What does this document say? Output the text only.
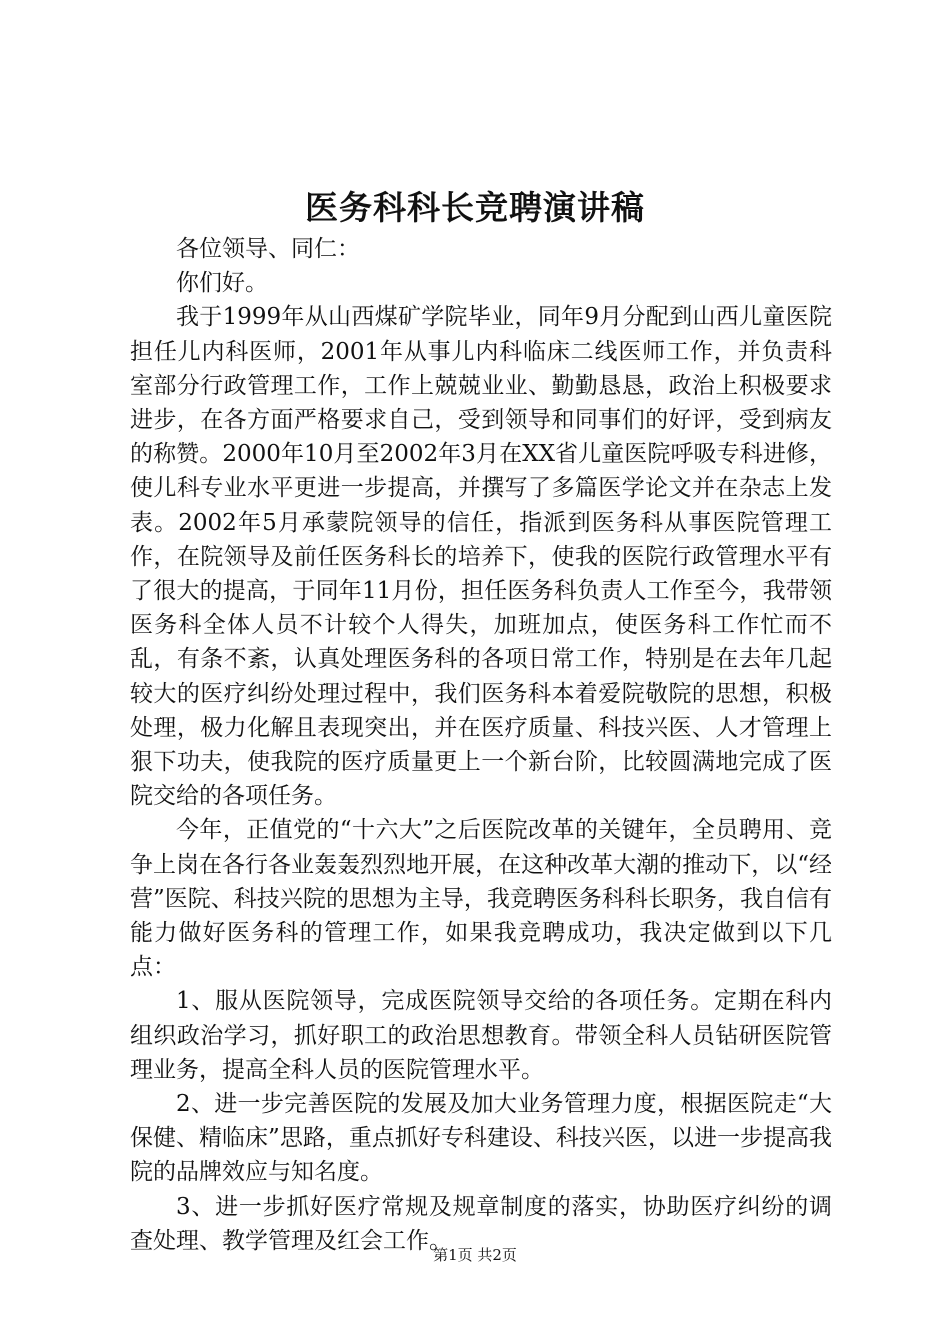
医务科科长竞聘演讲稿

各位领导、同仁：

你们好。

我于1999年从山西煤矿学院毕业，同年9月分配到山西儿童医院担任儿内科医师，2001年从事儿内科临床二线医师工作，并负责科室部分行政管理工作，工作上兢兢业业、勤勤恳恳，政治上积极要求进步，在各方面严格要求自己，受到领导和同事们的好评，受到病友的称赞。2000年10月至2002年3月在XX省儿童医院呼吸专科进修，使儿科专业水平更进一步提高，并撰写了多篇医学论文并在杂志上发表。2002年5月承蒙院领导的信任，指派到医务科从事医院管理工作，在院领导及前任医务科长的培养下，使我的医院行政管理水平有了很大的提高，于同年11月份，担任医务科负责人工作至今，我带领医务科全体人员不计较个人得失，加班加点，使医务科工作忙而不乱，有条不紊，认真处理医务科的各项日常工作，特别是在去年几起较大的医疗纠纷处理过程中，我们医务科本着爱院敬院的思想，积极处理，极力化解且表现突出，并在医疗质量、科技兴医、人才管理上狠下功夫，使我院的医疗质量更上一个新台阶，比较圆满地完成了医院交给的各项任务。

今年，正值党的“十六大”之后医院改革的关键年，全员聘用、竞争上岗在各行各业轰轰烈烈地开展，在这种改革大潮的推动下，以“经营”医院、科技兴院的思想为主导，我竞聘医务科科长职务，我自信有能力做好医务科的管理工作，如果我竞聘成功，我决定做到以下几点：

1、服从医院领导，完成医院领导交给的各项任务。定期在科内组织政治学习，抓好职工的政治思想教育。带领全科人员钻研医院管理业务，提高全科人员的医院管理水平。

2、进一步完善医院的发展及加大业务管理力度，根据医院走“大保健、精临床”思路，重点抓好专科建设、科技兴医，以进一步提高我院的品牌效应与知名度。

3、进一步抓好医疗常规及规章制度的落实，协助医疗纠纷的调查处理、教学管理及红会工作。

第1页 共2页
